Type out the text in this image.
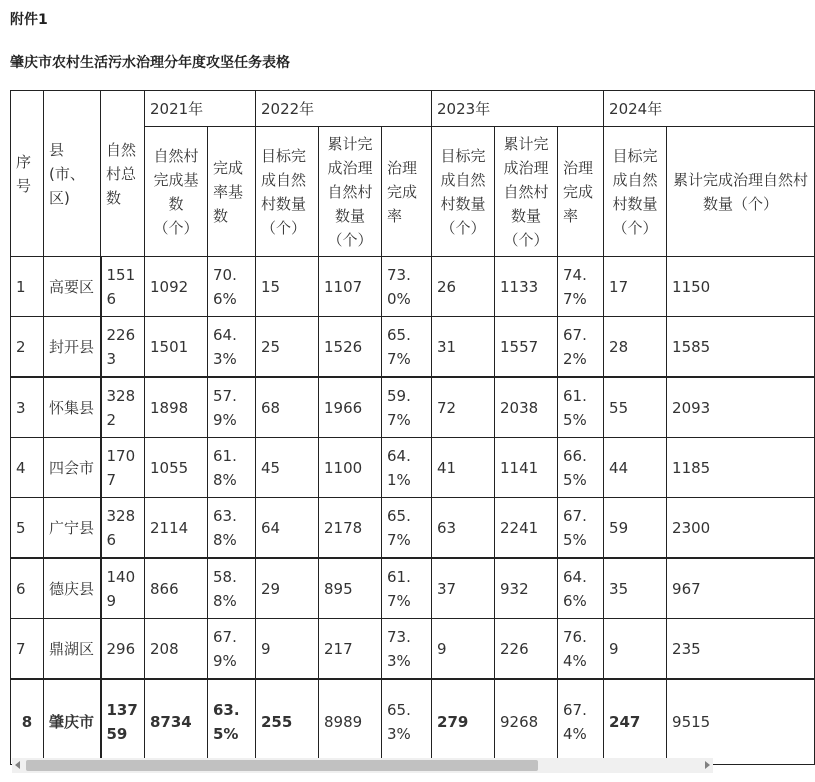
附件1
肇庆市农村生活污水治理分年度攻坚任务表格
序号	县(市、区)	自然村总数	2021年		2022年			2023年			2024年	
			自然村完成基数（个）	完成率基数	目标完成自然村数量（个）	累计完成治理自然村数量（个）	治理完成率	目标完成自然村数量（个）	累计完成治理自然村数量（个）	治理完成率	目标完成自然村数量（个）	累计完成治理自然村数量（个）
1	高要区	1516	1092	70.6%	15	1107	73.0%	26	1133	74.7%	17	1150
2	封开县	2263	1501	64.3%	25	1526	65.7%	31	1557	67.2%	28	1585
3	怀集县	3282	1898	57.9%	68	1966	59.7%	72	2038	61.5%	55	2093
4	四会市	1707	1055	61.8%	45	1100	64.1%	41	1141	66.5%	44	1185
5	广宁县	3286	2114	63.8%	64	2178	65.7%	63	2241	67.5%	59	2300
6	德庆县	1409	866	58.8%	29	895	61.7%	37	932	64.6%	35	967
7	鼎湖区	296	208	67.9%	9	217	73.3%	9	226	76.4%	9	235
8	肇庆市	13759	8734	63.5%	255	8989	65.3%	279	9268	67.4%	247	9515
